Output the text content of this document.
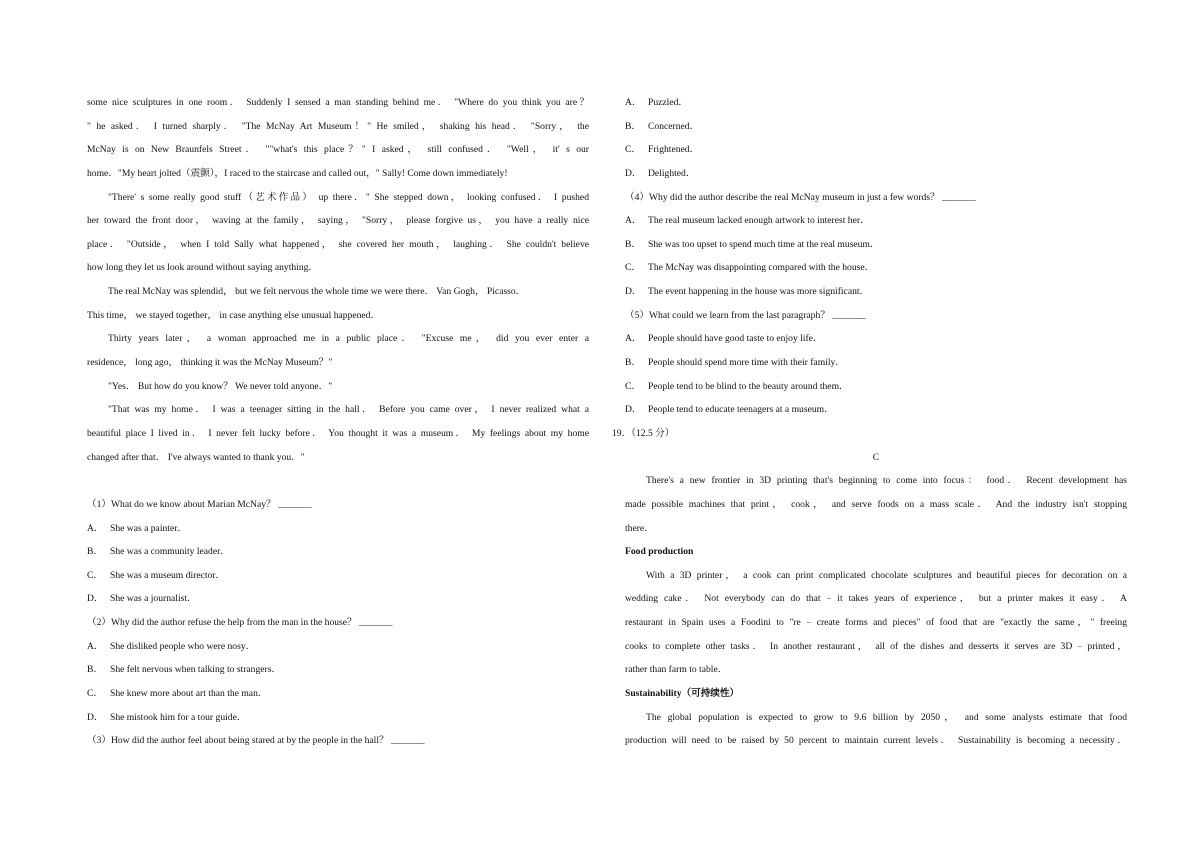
some nice sculptures in one room． Suddenly I sensed a man standing behind me． "Where do you think you are？
" he asked． I turned sharply． "The McNay Art Museum！" He smiled， shaking his head． "Sorry， the
McNay is on New Braunfels Street． ""what's this place？" I asked， still confused． "Well， it' s our
home．"My heart jolted（震颤），I raced to the staircase and called out，" Sally! Come down immediately!
"There' s some really good stuff（艺术作品） up there．" She stepped down， looking confused． I pushed
her toward the front door， waving at the family， saying， "Sorry， please forgive us， you have a really nice
place． "Outside， when I told Sally what happened， she covered her mouth， laughing． She couldn't believe
how long they let us look around without saying anything．
The real McNay was splendid， but we felt nervous the whole time we were there． Van Gogh， Picasso．
This time， we stayed together， in case anything else unusual happened．
Thirty years later， a woman approached me in a public place． "Excuse me， did you ever enter a
residence， long ago， thinking it was the McNay Museum？"
"Yes． But how do you know？ We never told anyone．"
"That was my home． I was a teenager sitting in the hall． Before you came over， I never realized what a
beautiful place I lived in． I never felt lucky before． You thought it was a museum． My feelings about my home
changed after that． I've always wanted to thank you．"
（1）What do we know about Marian McNay？ _______
A． She was a painter．
B． She was a community leader．
C． She was a museum director．
D． She was a journalist．
（2）Why did the author refuse the help from the man in the house？ _______
A． She disliked people who were nosy．
B． She felt nervous when talking to strangers．
C． She knew more about art than the man．
D． She mistook him for a tour guide．
（3）How did the author feel about being stared at by the people in the hall？ _______
A． Puzzled．
B． Concerned．
C． Frightened．
D． Delighted．
（4）Why did the author describe the real McNay museum in just a few words？ _______
A． The real museum lacked enough artwork to interest her．
B． She was too upset to spend much time at the real museum．
C． The McNay was disappointing compared with the house．
D． The event happening in the house was more significant．
（5）What could we learn from the last paragraph？ _______
A． People should have good taste to enjoy life．
B． People should spend more time with their family．
C． People tend to be blind to the beauty around them．
D． People tend to educate teenagers at a museum．
19．（12.5 分）
C
There's a new frontier in 3D printing that's beginning to come into focus： food． Recent development has
made possible machines that print， cook， and serve foods on a mass scale． And the industry isn't stopping
there．
Food production
With a 3D printer， a cook can print complicated chocolate sculptures and beautiful pieces for decoration on a
wedding cake． Not everybody can do that﹣it takes years of experience， but a printer makes it easy． A
restaurant in Spain uses a Foodini to "re﹣create forms and pieces" of food that are "exactly the same，" freeing
cooks to complete other tasks． In another restaurant， all of the dishes and desserts it serves are 3D﹣printed，
rather than farm to table．
Sustainability（可持续性）
The global population is expected to grow to 9.6 billion by 2050， and some analysts estimate that food
production will need to be raised by 50 percent to maintain current levels． Sustainability is becoming a necessity．
